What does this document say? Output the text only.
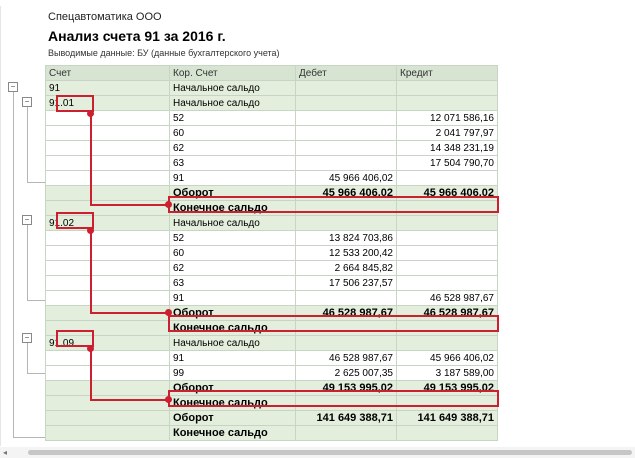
Спецавтоматика ООО
Анализ счета 91 за 2016 г.
Выводимые данные: БУ (данные бухгалтерского учета)
Счет	Кор. Счет	Дебет	Кредит
91	Начальное сальдо		
91.01	Начальное сальдо		
	52		12 071 586,16
	60		2 041 797,97
	62		14 348 231,19
	63		17 504 790,70
	91	45 966 406,02	
	Оборот	45 966 406,02	45 966 406,02
	Конечное сальдо		
91.02	Начальное сальдо		
	52	13 824 703,86	
	60	12 533 200,42	
	62	2 664 845,82	
	63	17 506 237,57	
	91		46 528 987,67
	Оборот	46 528 987,67	46 528 987,67
	Конечное сальдо		
91.09	Начальное сальдо		
	91	46 528 987,67	45 966 406,02
	99	2 625 007,35	3 187 589,00
	Оборот	49 153 995,02	49 153 995,02
	Конечное сальдо		
	Оборот	141 649 388,71	141 649 388,71
	Конечное сальдо		
−
−
−
−
◂
